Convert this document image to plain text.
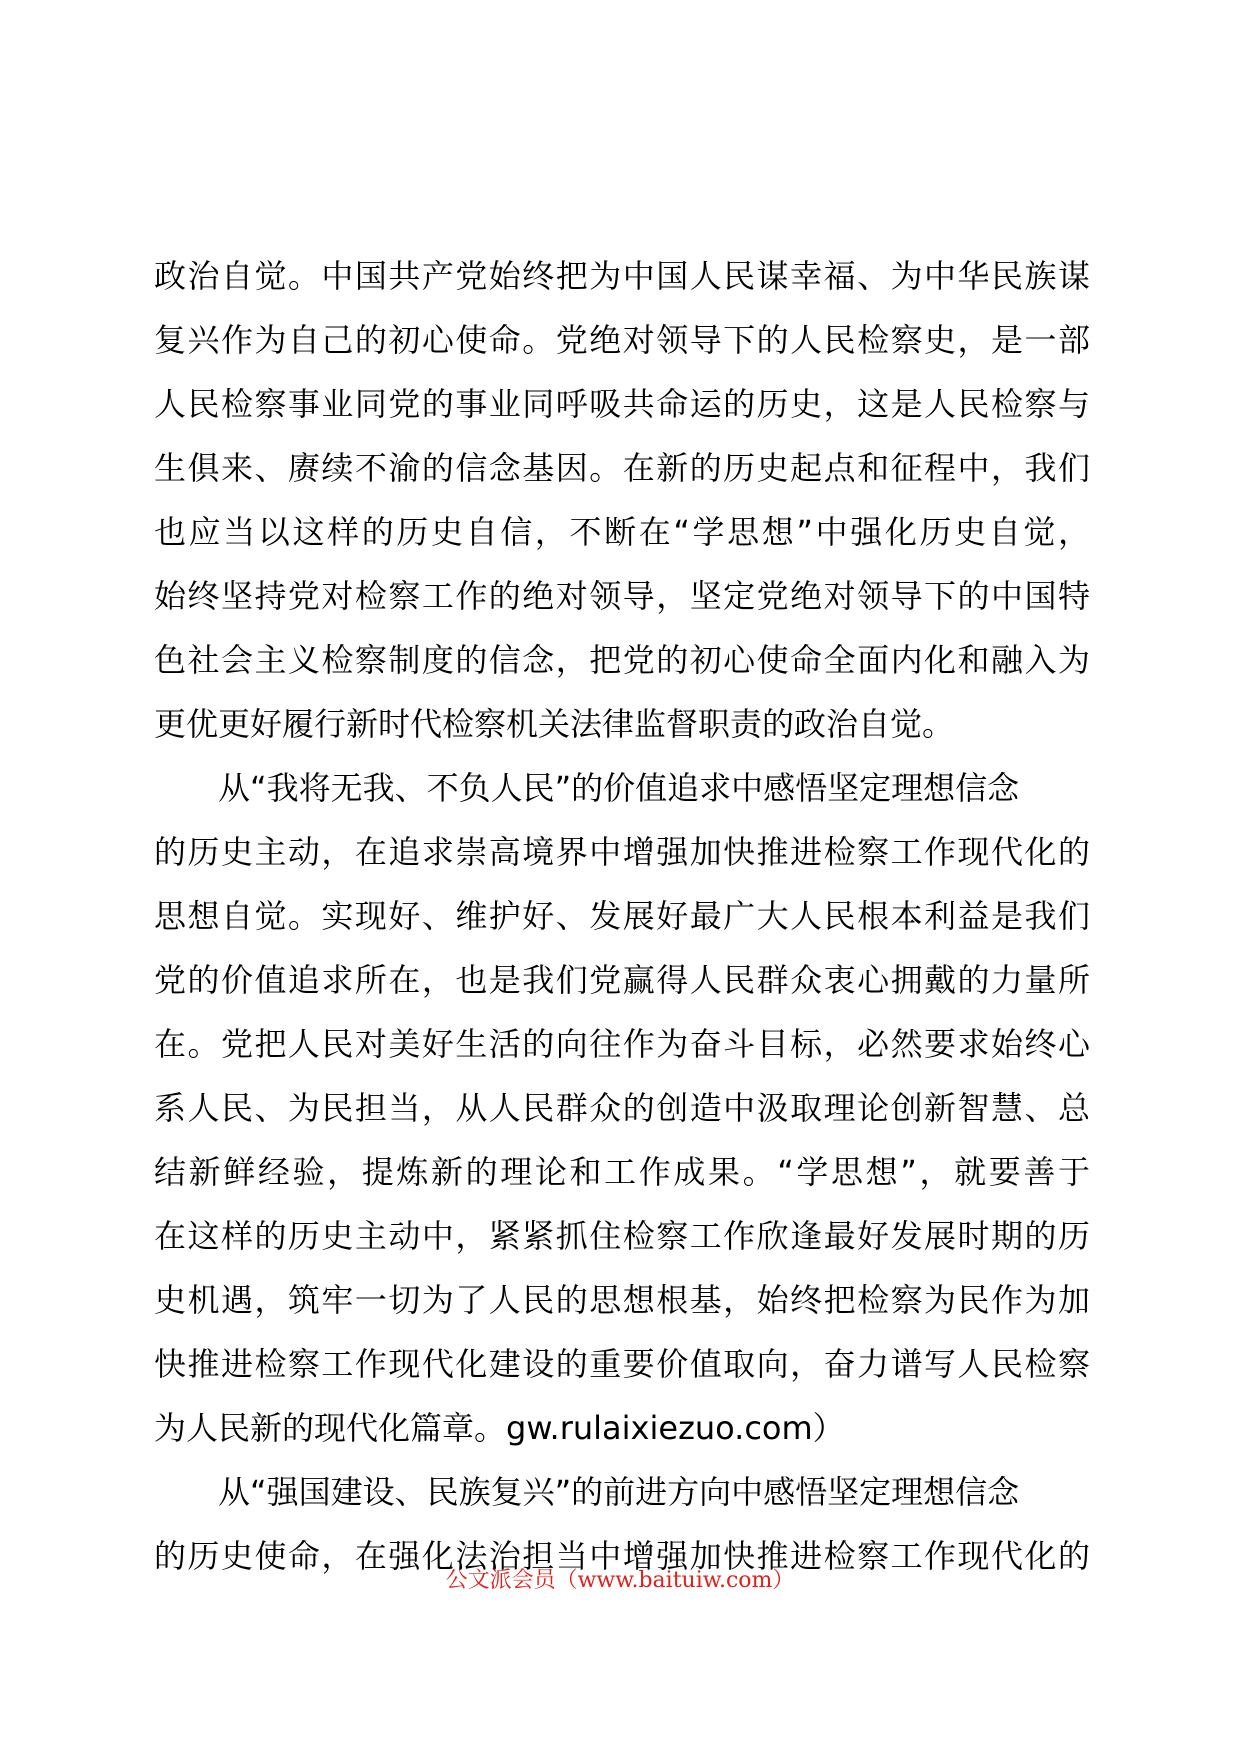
政治自觉。中国共产党始终把为中国人民谋幸福、为中华民族谋
复兴作为自己的初心使命。党绝对领导下的人民检察史，是一部
人民检察事业同党的事业同呼吸共命运的历史，这是人民检察与
生俱来、赓续不渝的信念基因。在新的历史起点和征程中，我们
也应当以这样的历史自信，不断在“学思想”中强化历史自觉，
始终坚持党对检察工作的绝对领导，坚定党绝对领导下的中国特
色社会主义检察制度的信念，把党的初心使命全面内化和融入为
更优更好履行新时代检察机关法律监督职责的政治自觉。
从“我将无我、不负人民”的价值追求中感悟坚定理想信念
的历史主动，在追求崇高境界中增强加快推进检察工作现代化的
思想自觉。实现好、维护好、发展好最广大人民根本利益是我们
党的价值追求所在，也是我们党赢得人民群众衷心拥戴的力量所
在。党把人民对美好生活的向往作为奋斗目标，必然要求始终心
系人民、为民担当，从人民群众的创造中汲取理论创新智慧、总
结新鲜经验，提炼新的理论和工作成果。“学思想”，就要善于
在这样的历史主动中，紧紧抓住检察工作欣逢最好发展时期的历
史机遇，筑牢一切为了人民的思想根基，始终把检察为民作为加
快推进检察工作现代化建设的重要价值取向，奋力谱写人民检察
为人民新的现代化篇章。gw.rulaixiezuo.com）
从“强国建设、民族复兴”的前进方向中感悟坚定理想信念
的历史使命，在强化法治担当中增强加快推进检察工作现代化的
公文派会员（www.baituiw.com）
